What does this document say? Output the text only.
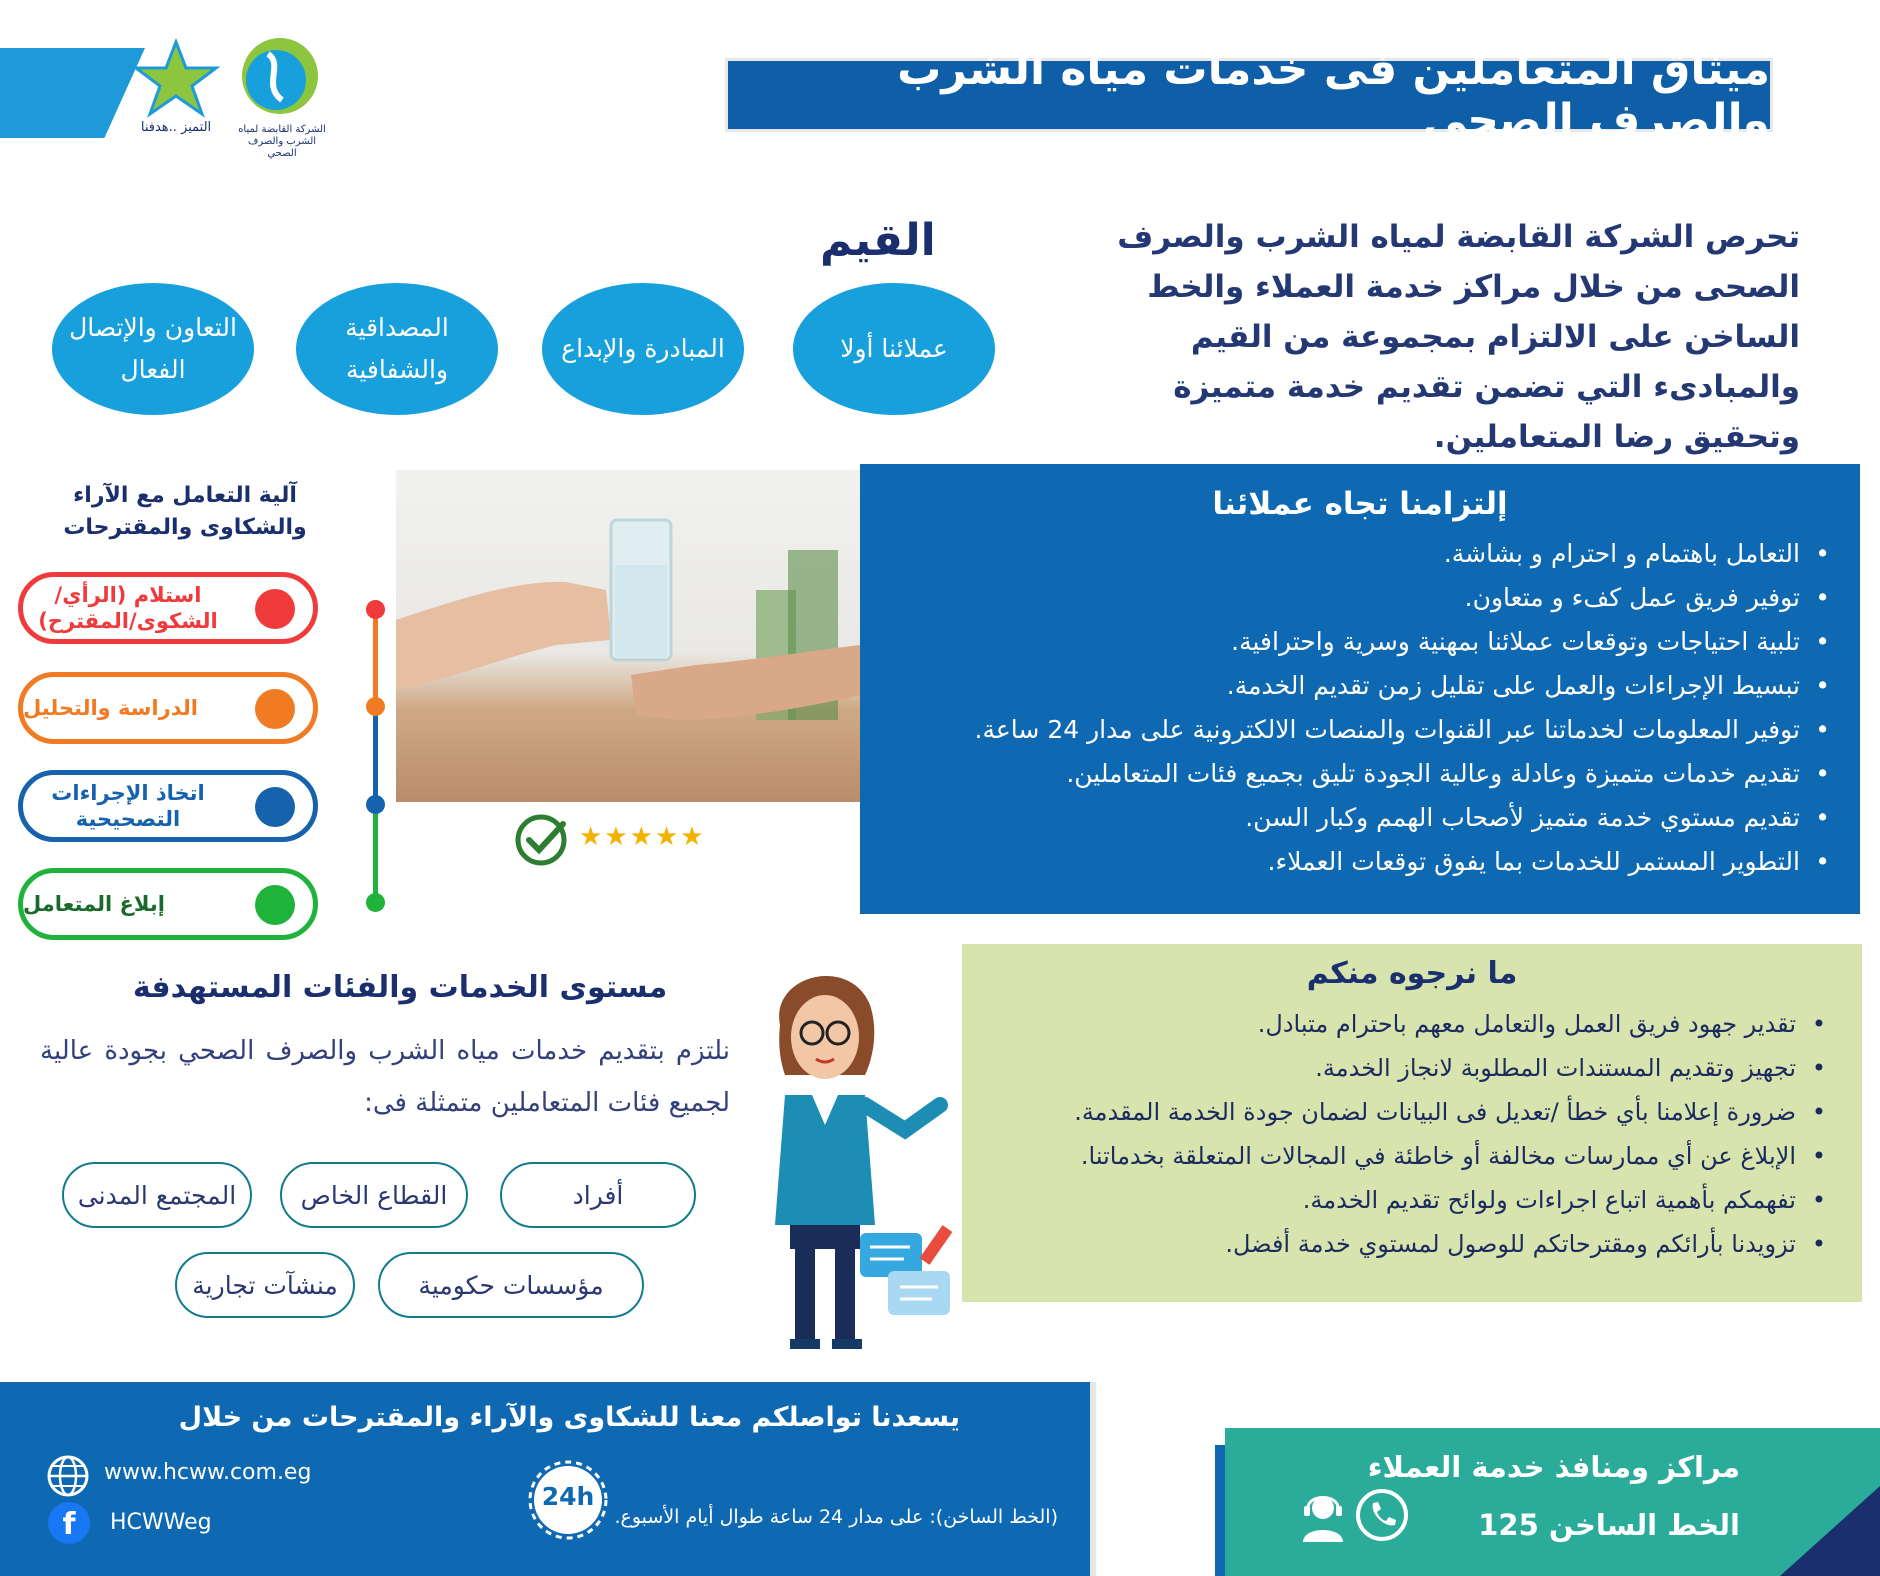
التميز ..هدفنا	الشركة القابضة لمياه الشرب والصرف الصحي
ميثاق المتعاملين فى خدمات مياه الشرب والصرف الصحى
تحرص الشركة القابضة لمياه الشرب والصرف الصحى من خلال مراكز خدمة العملاء والخط الساخن على الالتزام بمجموعة من القيم والمبادىء التي تضمن تقديم خدمة متميزة وتحقيق رضا المتعاملين.
القيم
عملائنا أولا
المبادرة والإبداع
المصداقية والشفافية
التعاون والإتصال الفعال
إلتزامنا تجاه عملائنا
• التعامل باهتمام و احترام و بشاشة.
• توفير فريق عمل كفء و متعاون.
• تلبية احتياجات وتوقعات عملائنا بمهنية وسرية واحترافية.
• تبسيط الإجراءات والعمل على تقليل زمن تقديم الخدمة.
• توفير المعلومات لخدماتنا عبر القنوات والمنصات الالكترونية على مدار 24 ساعة.
• تقديم خدمات متميزة وعادلة وعالية الجودة تليق بجميع فئات المتعاملين.
• تقديم مستوي خدمة متميز لأصحاب الهمم وكبار السن.
• التطوير المستمر للخدمات بما يفوق توقعات العملاء.
★★★★★
آلية التعامل مع الآراء والشكاوى والمقترحات
استلام (الرأي/ الشكوى/المقترح)
الدراسة والتحليل
اتخاذ الإجراءات التصحيحية
إبلاغ المتعامل
ما نرجوه منكم
• تقدير جهود فريق العمل والتعامل معهم باحترام متبادل.
• تجهيز وتقديم المستندات المطلوبة لانجاز الخدمة.
• ضرورة إعلامنا بأي خطأ /تعديل فى البيانات لضمان جودة الخدمة المقدمة.
• الإبلاغ عن أي ممارسات مخالفة أو خاطئة في المجالات المتعلقة بخدماتنا.
• تفهمكم بأهمية اتباع اجراءات ولوائح تقديم الخدمة.
• تزويدنا بأرائكم ومقترحاتكم للوصول لمستوي خدمة أفضل.
مستوى الخدمات والفئات المستهدفة
نلتزم بتقديم خدمات مياه الشرب والصرف الصحي بجودة عالية لجميع فئات المتعاملين متمثلة فى:
أفراد
القطاع الخاص
المجتمع المدنى
مؤسسات حكومية
منشآت تجارية
يسعدنا تواصلكم معنا للشكاوى والآراء والمقترحات من خلال
www.hcww.com.eg
f	HCWWeg
24h
(الخط الساخن): على مدار 24 ساعة طوال أيام الأسبوع.
مراكز ومنافذ خدمة العملاء
الخط الساخن 125
